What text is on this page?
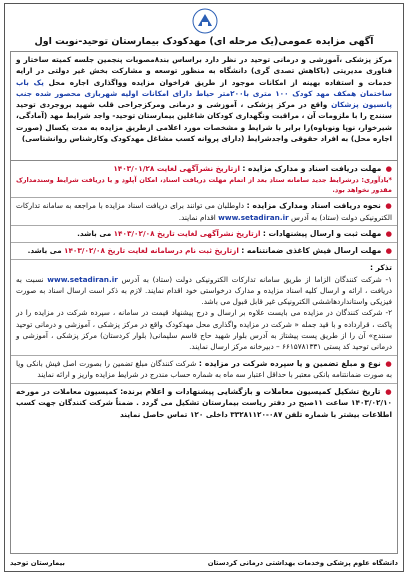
آگهی مزایده عمومی(یک مرحله ای) مهدکودک بیمارستان توحید-نوبت اول
مرکز پزشکی ،آموزشی و درمانی توحید در نظر دارد براساس بند۸مصوبات پنجمین جلسه کمیته ساختار و فناوری مدیریتی (باکاهش تصدی گری) دانشگاه به منظور توسعه و مشارکت بخش غیر دولتی در ارایه خدمات و استفاده بهینه از امکانات موجود از طریق فراخوان مزایده وواگذاری اجاره محل یک باب ساختمان همکف مهد کودک ۱۰۰ متری با۲۰۰متر حیاط دارای امکانات اولیه شهربازی محصور شده جنب پانسیون پزشکان واقع در مرکز پزشکی ، آموزشی و درمانی ومرکزجراحی قلب شهید بروجردی توحید سنندج را با ملزومات آن ، مراقبت ونگهداری کودکان شاغلین بیمارستان توحید- واجد شرایط مهد (آمادگی، شیرخوار، نوپا ونوباوه)را برابر با شرایط و مشخصات مورد اعلامی ازطریق مزایده به مدت یکسال (صورت اجاره محل) به افراد حقوقی واجدشرایط (دارای پروانه کسب مشاغل مهدکودک وکارشناس روانشناسی)
● مهلت دریافت اسناد و مدارک مزایده : ازتاریخ نشرآگهی لغایت ۱۴۰۳/۰۱/۲۸
*یادآوری: درشرایط جدید سامانه ستاد بعد از اتمام مهلت دریافت اسناد، امکان آپلود و یا دریافت شرایط وسندمدارک مقدور نخواهد بود.
● نحوه دریافت اسناد ومدارک مزایده : داوطلبان می توانند برای دریافت اسناد مزایده با مراجعه به سامانه تدارکات الکترونیکی دولت (ستاد) به آدرس www.setadiran.ir اقدام نمایند.
● مهلت ثبت و ارسال پیشنهادات : ازتاریخ نشرآگهی لغایت تاریخ ۱۴۰۳/۰۲/۰۸ می باشد.
● مهلت ارسال فیش کاغذی ضمانتنامه : ازتاریخ ثبت نام درسامانه لغایت تاریخ ۱۴۰۳/۰۲/۰۸ می باشد.
تذکر :
۱- شرکت کنندگان الزاما از طریق سامانه تدارکات الکترونیکی دولت (ستاد) به آدرس www.setadiran.ir نسبت به دریافت ، ارائه و ارسال کلیه اسناد مزایده و مدارک درخواستی خود اقدام نمایند. لازم به ذکر است ارسال اسناد به صورت فیزیکی واستانداردهاششی الکترونیکی غیر قابل قبول می باشد.
۲- شرکت کنندگان در مزایده می بایست علاوه بر ارسال و درج پیشنهاد قیمت در سامانه ، سپرده شرکت در مزایده را در پاکت ، قرارداده و با قید جمله « شرکت در مزایده واگذاری محل مهدکودک واقع در مرکز پزشکی ، آموزشی و درمانی توحید سنندج» آن را از طریق پست پیشتاز به آدرس بلوار شهید حاج قاسم سلیمانی( بلوار کردستان) مرکز پزشکی ، آموزشی و درمانی توحید کد پستی ۶۶۱۵۷۸۱۳۳۱ – دبیرخانه مرکز ارسال نمایند.
● نوع و مبلغ تضمین و یا سپرده شرکت در مزایده : شرکت کنندگان مبلغ تضمین را بصورت اصل فیش بانکی ویا به صورت ضمانتنامه بانکی معتبر با حداقل اعتبار سه ماه به شماره حساب مندرج در شرایط مزایده واریز و ارائه نمایند
● تاریخ تشکیل کمیسیون معاملات و بازگشایی پیشنهادات و اعلام برنده: کمیسیون معاملات در مورخه ۱۴۰۳/۰۲/۱۰ ساعت ۱۱صبح در دفتر ریاست بیمارستان تشکیل می گردد . ضمناً شرکت کنندگان جهت کسب اطلاعات بیشتر با شماره تلفن ۰۸۷-۳۳۲۸۱۱۲۰ داخلی ۱۲۰ تماس حاصل نمایند
دانشگاه علوم پزشکی وخدمات بهداشتی درمانی کردستان
بیمارستان توحید
